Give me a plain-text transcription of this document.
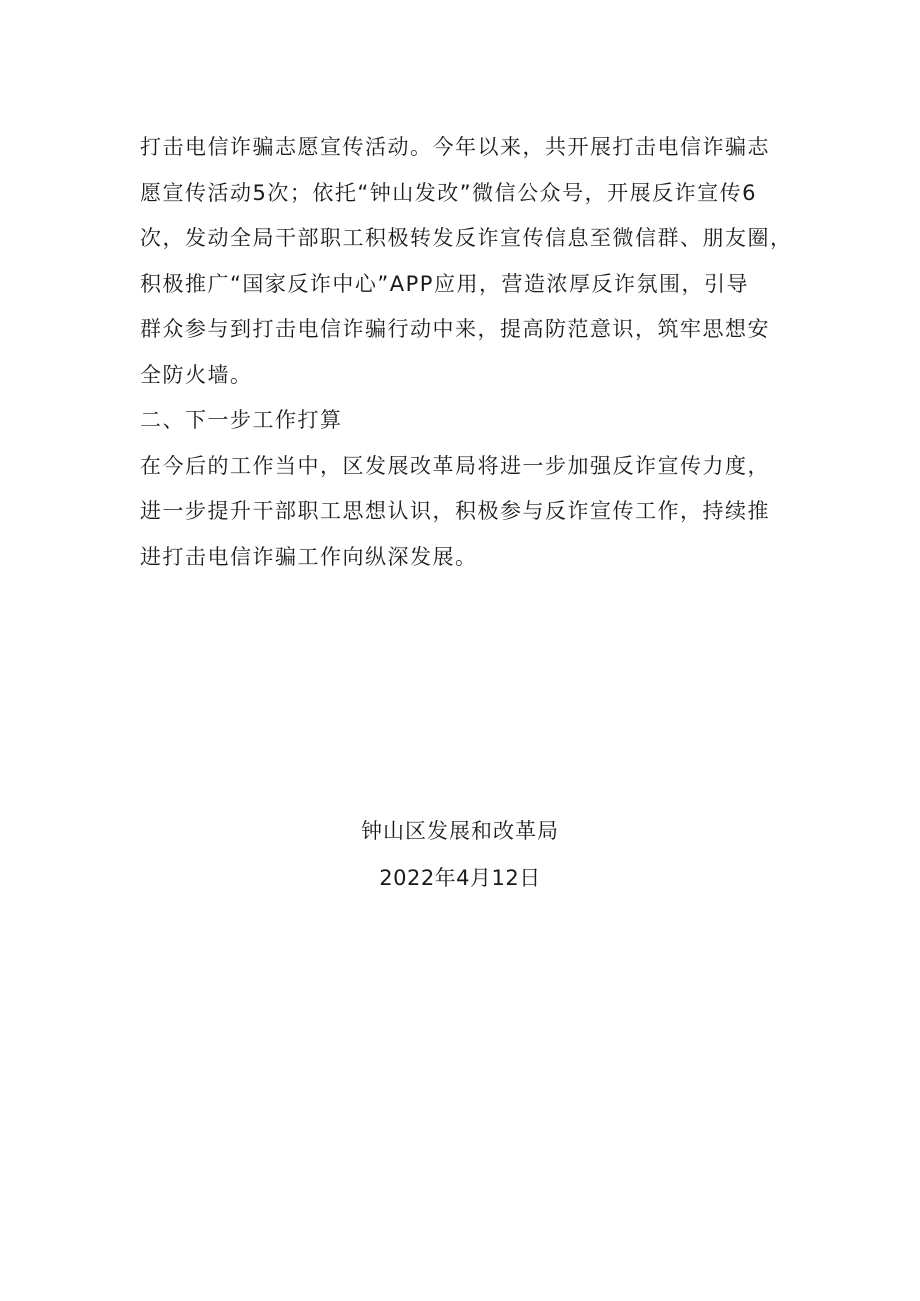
打击电信诈骗志愿宣传活动。今年以来，共开展打击电信诈骗志
愿宣传活动5次；依托“钟山发改”微信公众号，开展反诈宣传6
次，发动全局干部职工积极转发反诈宣传信息至微信群、朋友圈，
积极推广“国家反诈中心”APP应用，营造浓厚反诈氛围，引导
群众参与到打击电信诈骗行动中来，提高防范意识，筑牢思想安
全防火墙。
二、下一步工作打算
在今后的工作当中，区发展改革局将进一步加强反诈宣传力度，
进一步提升干部职工思想认识，积极参与反诈宣传工作，持续推
进打击电信诈骗工作向纵深发展。
钟山区发展和改革局
2022年4月12日
